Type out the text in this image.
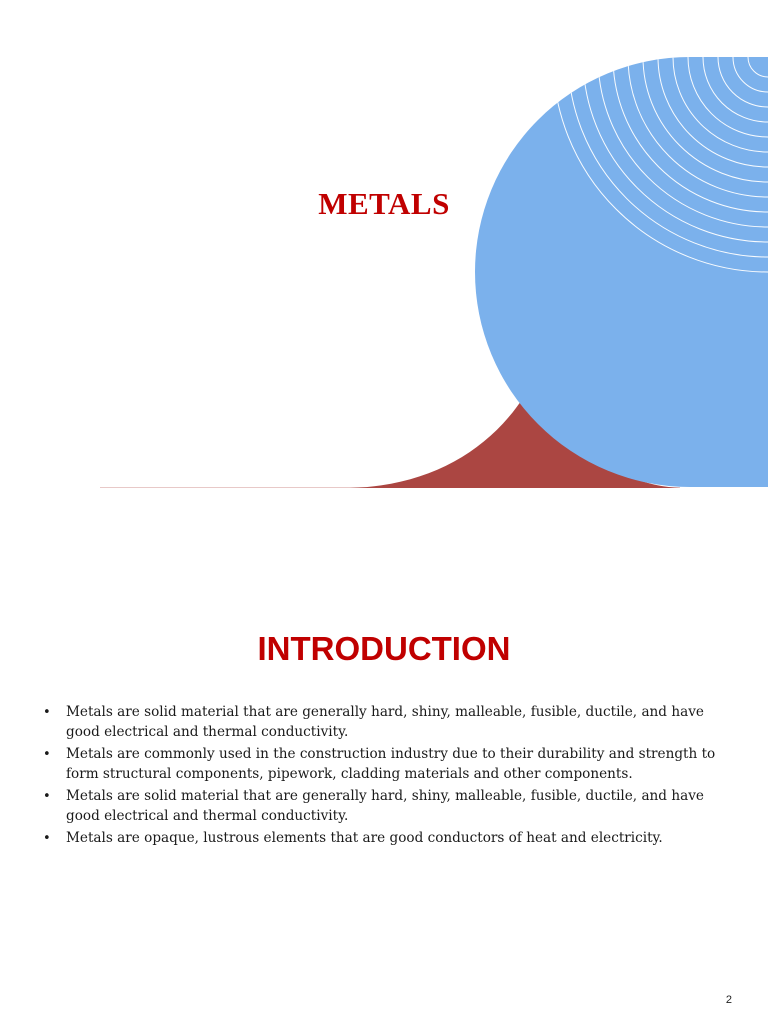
METALS
INTRODUCTION
• Metals are solid material that are generally hard, shiny, malleable, fusible, ductile, and have good electrical and thermal conductivity.
• Metals are commonly used in the construction industry due to their durability and strength to form structural components, pipework, cladding materials and other components.
• Metals are solid material that are generally hard, shiny, malleable, fusible, ductile, and have good electrical and thermal conductivity.
• Metals are opaque, lustrous elements that are good conductors of heat and electricity.
2
